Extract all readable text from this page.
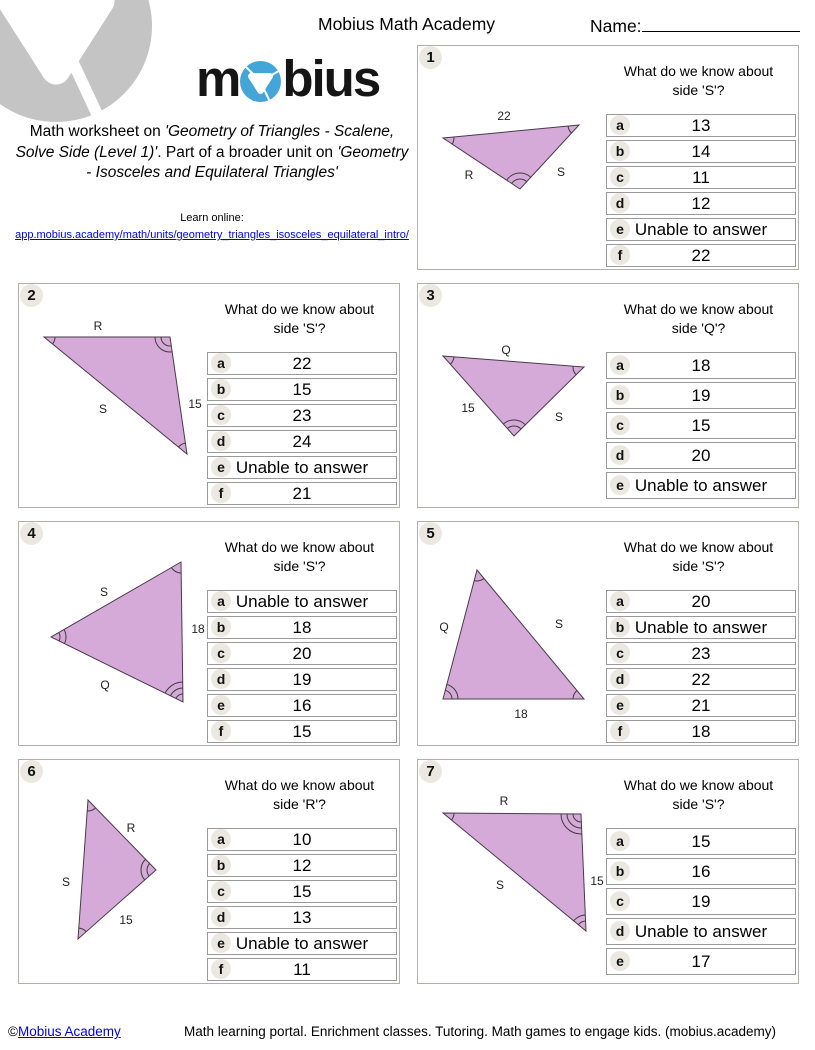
Mobius Math Academy	Name:
m bius
Math worksheet on 'Geometry of Triangles - Scalene, Solve Side (Level 1)'. Part of a broader unit on 'Geometry - Isosceles and Equilateral Triangles'
Learn online:
app.mobius.academy/math/units/geometry_triangles_isosceles_equilateral_intro/
1
22
R	S
What do we know about
side 'S'?
a	13
b	14
c	11
d	12
e Unable to answer
f	22
2
R
15
S
What do we know about
side 'S'?
a	22
b	15
c	23
d	24
e Unable to answer
f	21
3
Q
15
S
What do we know about
side 'Q'?
a	18
b	19
c	15
d	20
e Unable to answer
4
S
18
Q
What do we know about
side 'S'?
a Unable to answer
b	18
c	20
d	19
e	16
f	15
5
Q	S
18
What do we know about
side 'S'?
a	20
b Unable to answer
c	23
d	22
e	21
f	18
6
R
S
15
What do we know about
side 'R'?
a	10
b	12
c	15
d	13
e Unable to answer
f	11
7
R
S	15
What do we know about
side 'S'?
a	15
b	16
c	19
d Unable to answer
e	17
©Mobius Academy	Math learning portal. Enrichment classes. Tutoring. Math games to engage kids. (mobius.academy)
